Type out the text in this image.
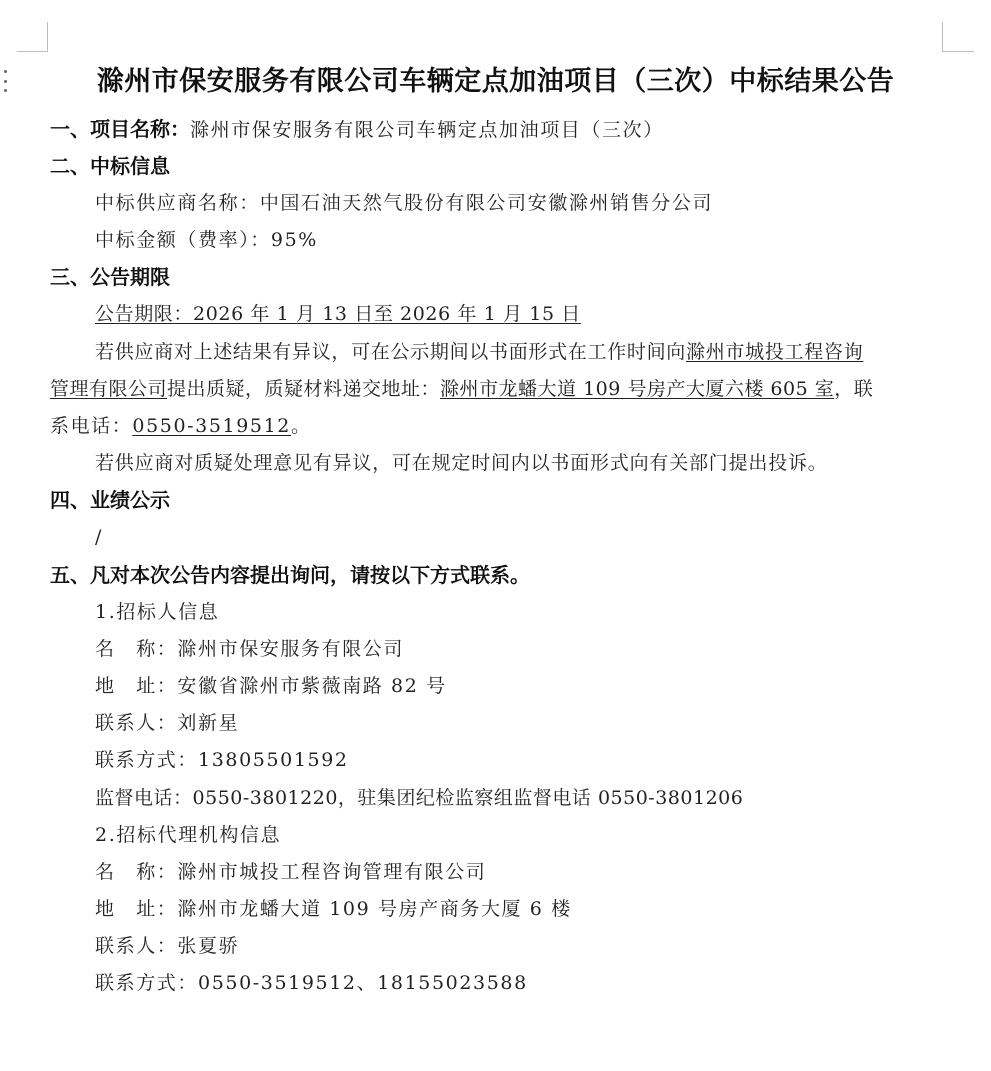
滁州市保安服务有限公司车辆定点加油项目（三次）中标结果公告
一、项目名称：滁州市保安服务有限公司车辆定点加油项目（三次）
二、中标信息
中标供应商名称：中国石油天然气股份有限公司安徽滁州销售分公司
中标金额（费率）：95%
三、公告期限
公告期限：2026 年 1 月 13 日至 2026 年 1 月 15 日
若供应商对上述结果有异议，可在公示期间以书面形式在工作时间向滁州市城投工程咨询
管理有限公司提出质疑，质疑材料递交地址：滁州市龙蟠大道 109 号房产大厦六楼 605 室，联
系电话：0550-3519512。
若供应商对质疑处理意见有异议，可在规定时间内以书面形式向有关部门提出投诉。
四、业绩公示
/
五、凡对本次公告内容提出询问，请按以下方式联系。
1.招标人信息
名　称：滁州市保安服务有限公司
地　址：安徽省滁州市紫薇南路 82 号
联系人：刘新星
联系方式：13805501592
监督电话：0550-3801220，驻集团纪检监察组监督电话 0550-3801206
2.招标代理机构信息
名　称：滁州市城投工程咨询管理有限公司
地　址：滁州市龙蟠大道 109 号房产商务大厦 6 楼
联系人：张夏骄
联系方式：0550-3519512、18155023588
